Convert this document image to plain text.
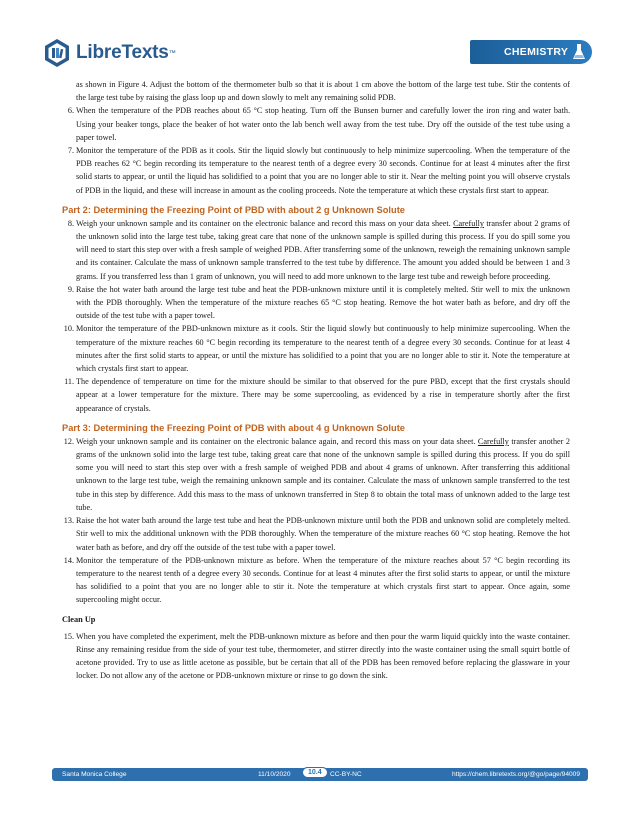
LibreTexts ™	CHEMISTRY

as shown in Figure 4. Adjust the bottom of the thermometer bulb so that it is about 1 cm above the bottom of the large test tube. Stir the contents of the large test tube by raising the glass loop up and down slowly to melt any remaining solid PDB.

6. When the temperature of the PDB reaches about 65 °C stop heating. Turn off the Bunsen burner and carefully lower the iron ring and water bath. Using your beaker tongs, place the beaker of hot water onto the lab bench well away from the test tube. Dry off the outside of the test tube using a paper towel.
7. Monitor the temperature of the PDB as it cools. Stir the liquid slowly but continuously to help minimize supercooling. When the temperature of the PDB reaches 62 °C begin recording its temperature to the nearest tenth of a degree every 30 seconds. Continue for at least 4 minutes after the first solid starts to appear, or until the liquid has solidified to a point that you are no longer able to stir it. Near the melting point you will observe crystals of PDB in the liquid, and these will increase in amount as the cooling proceeds. Note the temperature at which these crystals first start to appear.
Part 2: Determining the Freezing Point of PBD with about 2 g Unknown Solute
8. Weigh your unknown sample and its container on the electronic balance and record this mass on your data sheet. Carefully transfer about 2 grams of the unknown solid into the large test tube, taking great care that none of the unknown sample is spilled during this process. If you do spill some you will need to start this step over with a fresh sample of weighed PDB. After transferring some of the unknown, reweigh the remaining unknown sample and its container. Calculate the mass of unknown sample transferred to the test tube by difference. The amount you added should be between 1 and 3 grams. If you transferred less than 1 gram of unknown, you will need to add more unknown to the large test tube and reweigh before proceeding.
9. Raise the hot water bath around the large test tube and heat the PDB-unknown mixture until it is completely melted. Stir well to mix the unknown with the PDB thoroughly. When the temperature of the mixture reaches 65 °C stop heating. Remove the hot water bath as before, and dry off the outside of the test tube with a paper towel.
10. Monitor the temperature of the PBD-unknown mixture as it cools. Stir the liquid slowly but continuously to help minimize supercooling. When the temperature of the mixture reaches 60 °C begin recording its temperature to the nearest tenth of a degree every 30 seconds. Continue for at least 4 minutes after the first solid starts to appear, or until the mixture has solidified to a point that you are no longer able to stir it. Note the temperature at which crystals first start to appear.
11. The dependence of temperature on time for the mixture should be similar to that observed for the pure PBD, except that the first crystals should appear at a lower temperature for the mixture. There may be some supercooling, as evidenced by a rise in temperature shortly after the first appearance of crystals.
Part 3: Determining the Freezing Point of PDB with about 4 g Unknown Solute
12. Weigh your unknown sample and its container on the electronic balance again, and record this mass on your data sheet. Carefully transfer another 2 grams of the unknown solid into the large test tube, taking great care that none of the unknown sample is spilled during this process. If you do spill some you will need to start this step over with a fresh sample of weighed PDB and about 4 grams of unknown. After transferring this additional unknown to the large test tube, weigh the remaining unknown sample and its container. Calculate the mass of unknown sample transferred to the test tube in this step by difference. Add this mass to the mass of unknown transferred in Step 8 to obtain the total mass of unknown added to the large test tube.
13. Raise the hot water bath around the large test tube and heat the PDB-unknown mixture until both the PDB and unknown solid are completely melted. Stir well to mix the additional unknown with the PDB thoroughly. When the temperature of the mixture reaches 60 °C stop heating. Remove the hot water bath as before, and dry off the outside of the test tube with a paper towel.
14. Monitor the temperature of the PDB-unknown mixture as before. When the temperature of the mixture reaches about 57 °C begin recording its temperature to the nearest tenth of a degree every 30 seconds. Continue for at least 4 minutes after the first solid starts to appear, or until the mixture has solidified to a point that you are no longer able to stir it. Note the temperature at which crystals first start to appear. Once again, some supercooling might occur.

Clean Up

15. When you have completed the experiment, melt the PDB-unknown mixture as before and then pour the warm liquid quickly into the waste container. Rinse any remaining residue from the side of your test tube, thermometer, and stirrer directly into the waste container using the small squirt bottle of acetone provided. Try to use as little acetone as possible, but be certain that all of the PDB has been removed before replacing the glassware in your locker. Do not allow any of the acetone or PDB-unknown mixture or rinse to go down the sink.
Santa Monica College	11/10/2020	10.4	CC-BY-NC	https://chem.libretexts.org/@go/page/94009
